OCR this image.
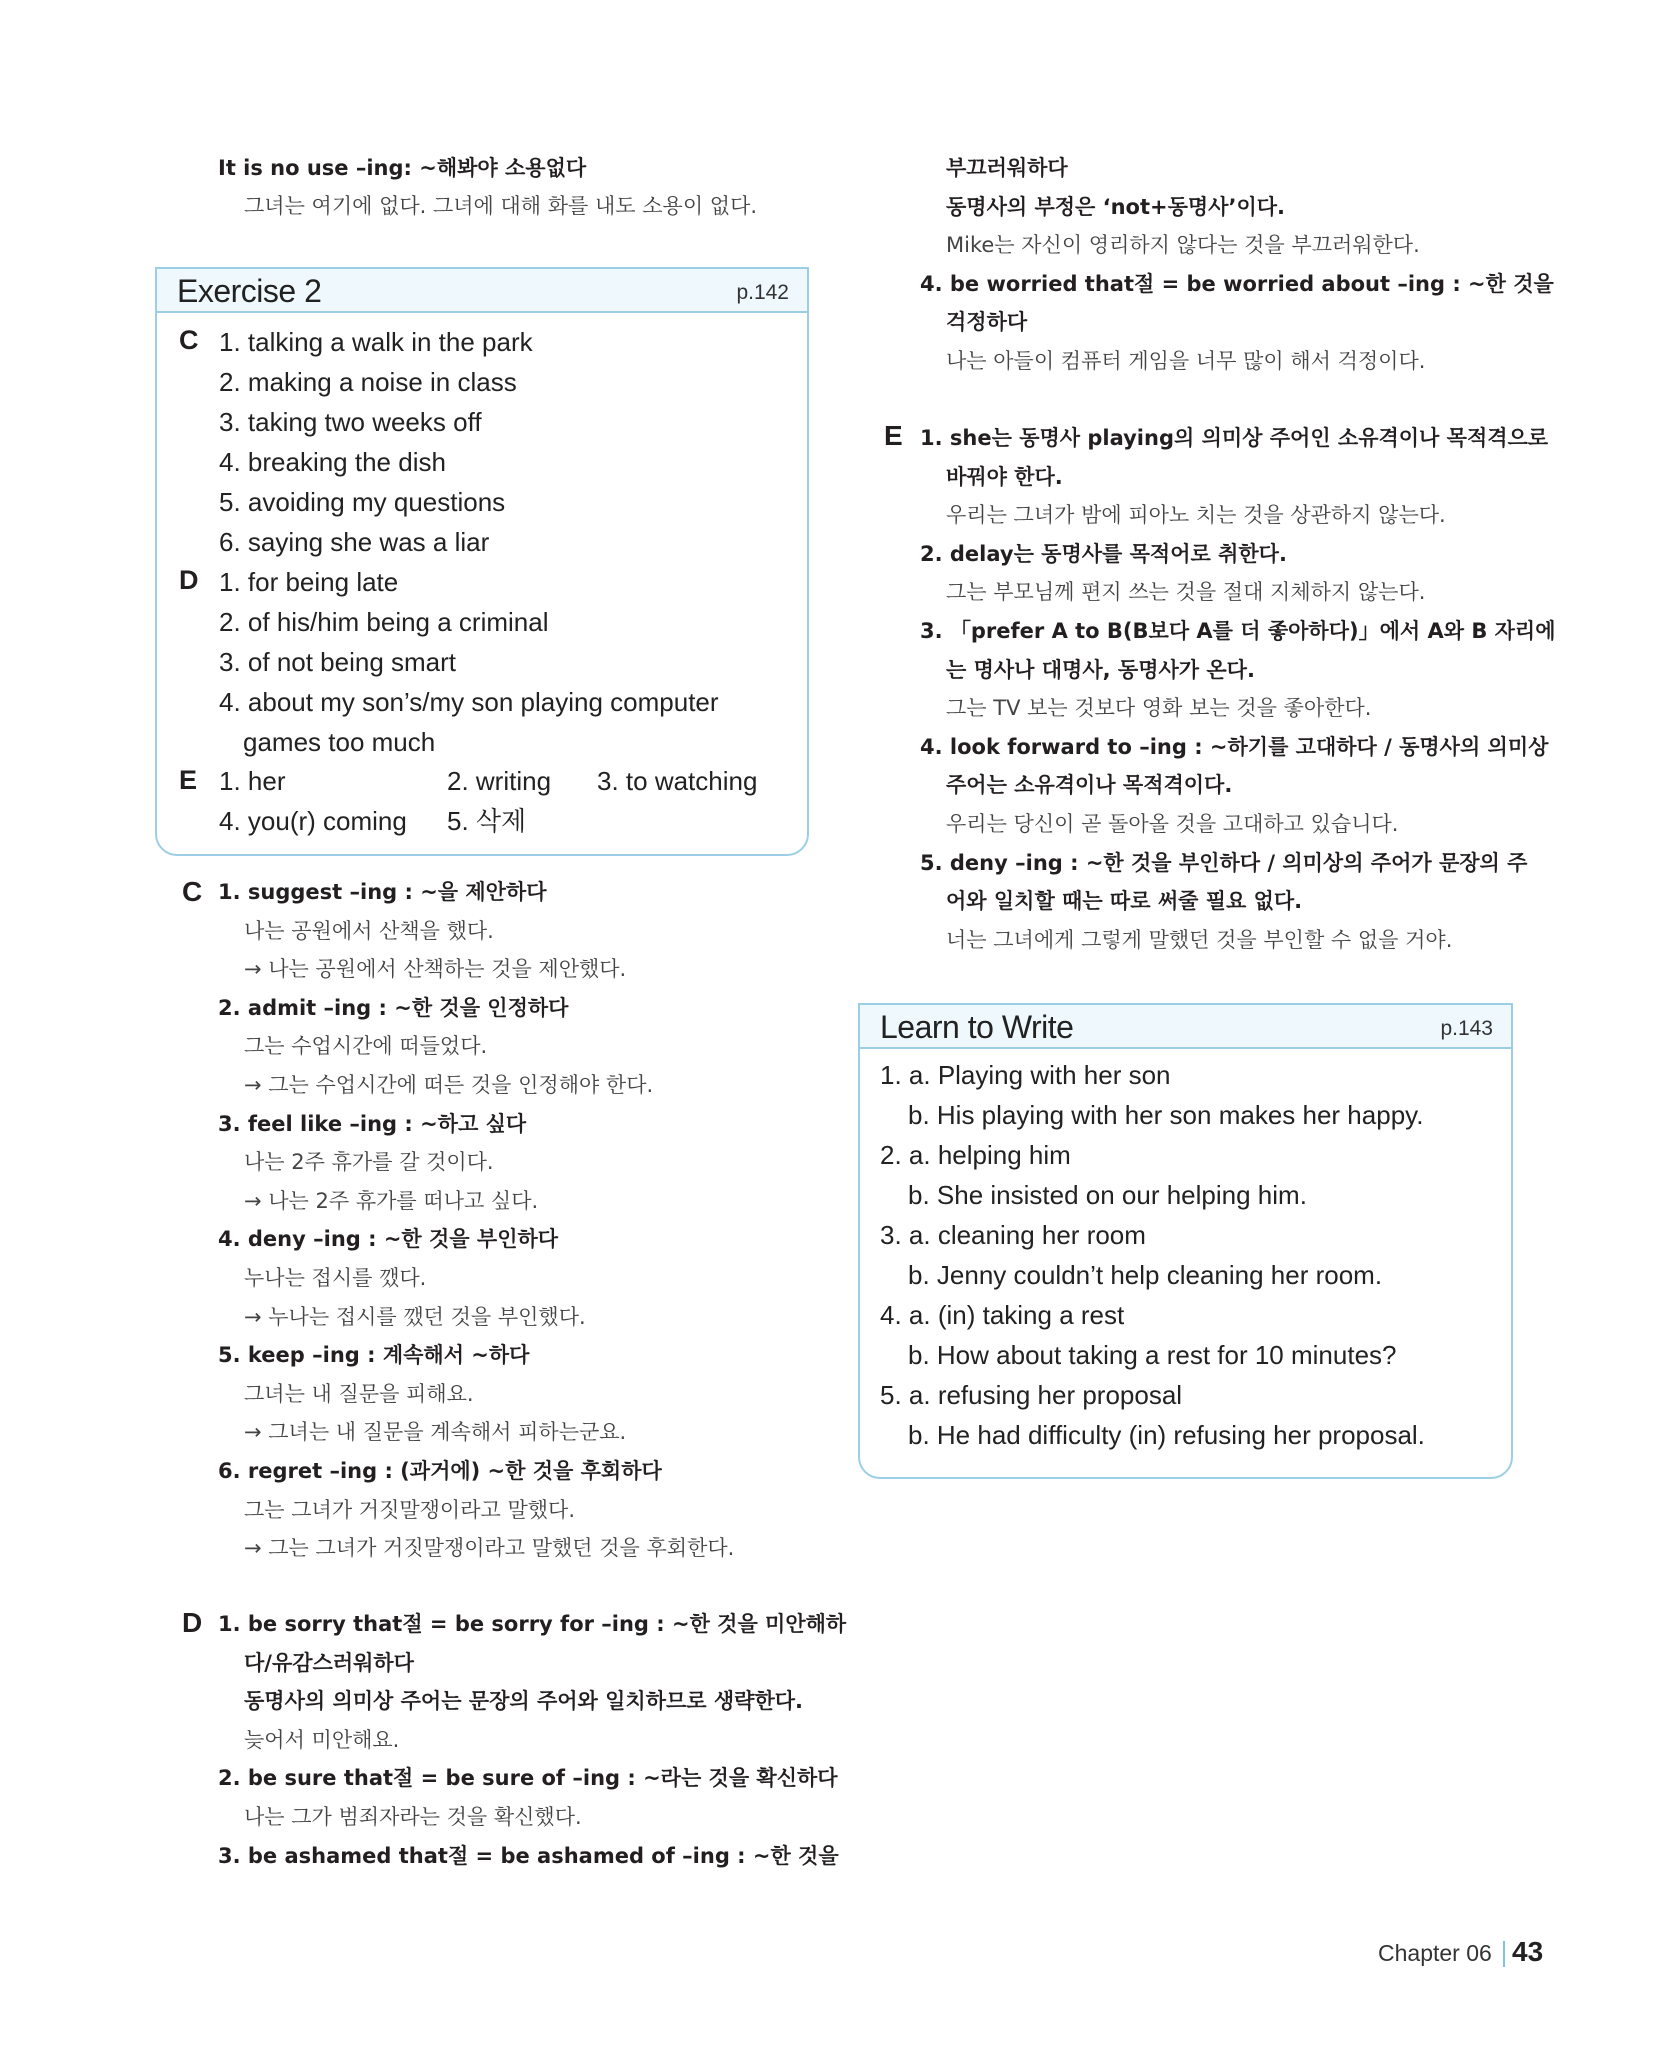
It is no use –ing: ~해봐야 소용없다
그녀는 여기에 없다. 그녀에 대해 화를 내도 소용이 없다.
Exercise 2	p.142
C 1. talking a walk in the park
2. making a noise in class
3. taking two weeks off
4. breaking the dish
5. avoiding my questions
6. saying she was a liar
D 1. for being late
2. of his/him being a criminal
3. of not being smart
4. about my son’s/my son playing computer
games too much
E 1. her	2. writing 3. to watching
4. you(r) coming 5. 삭제
C 1. suggest –ing : ~을 제안하다
나는 공원에서 산책을 했다.
→ 나는 공원에서 산책하는 것을 제안했다.
2. admit –ing : ~한 것을 인정하다
그는 수업시간에 떠들었다.
→ 그는 수업시간에 떠든 것을 인정해야 한다.
3. feel like –ing : ~하고 싶다
나는 2주 휴가를 갈 것이다.
→ 나는 2주 휴가를 떠나고 싶다.
4. deny –ing : ~한 것을 부인하다
누나는 접시를 깼다.
→ 누나는 접시를 깼던 것을 부인했다.
5. keep –ing : 계속해서 ~하다
그녀는 내 질문을 피해요.
→ 그녀는 내 질문을 계속해서 피하는군요.
6. regret –ing : (과거에) ~한 것을 후회하다
그는 그녀가 거짓말쟁이라고 말했다.
→ 그는 그녀가 거짓말쟁이라고 말했던 것을 후회한다.
D 1. be sorry that절 = be sorry for –ing : ~한 것을 미안해하
다/유감스러워하다
동명사의 의미상 주어는 문장의 주어와 일치하므로 생략한다.
늦어서 미안해요.
2. be sure that절 = be sure of –ing : ~라는 것을 확신하다
나는 그가 범죄자라는 것을 확신했다.
3. be ashamed that절 = be ashamed of –ing : ~한 것을
부끄러워하다
동명사의 부정은 ‘not+동명사’이다.
Mike는 자신이 영리하지 않다는 것을 부끄러워한다.
4. be worried that절 = be worried about –ing : ~한 것을
걱정하다
나는 아들이 컴퓨터 게임을 너무 많이 해서 걱정이다.
E 1. she는 동명사 playing의 의미상 주어인 소유격이나 목적격으로
바꿔야 한다.
우리는 그녀가 밤에 피아노 치는 것을 상관하지 않는다.
2. delay는 동명사를 목적어로 취한다.
그는 부모님께 편지 쓰는 것을 절대 지체하지 않는다.
3. 「prefer A to B(B보다 A를 더 좋아하다)」에서 A와 B 자리에
는 명사나 대명사, 동명사가 온다.
그는 TV 보는 것보다 영화 보는 것을 좋아한다.
4. look forward to –ing : ~하기를 고대하다 / 동명사의 의미상
주어는 소유격이나 목적격이다.
우리는 당신이 곧 돌아올 것을 고대하고 있습니다.
5. deny –ing : ~한 것을 부인하다 / 의미상의 주어가 문장의 주
어와 일치할 때는 따로 써줄 필요 없다.
너는 그녀에게 그렇게 말했던 것을 부인할 수 없을 거야.
Learn to Write	p.143
1. a. Playing with her son
b. His playing with her son makes her happy.
2. a. helping him
b. She insisted on our helping him.
3. a. cleaning her room
b. Jenny couldn’t help cleaning her room.
4. a. (in) taking a rest
b. How about taking a rest for 10 minutes?
5. a. refusing her proposal
b. He had difficulty (in) refusing her proposal.
Chapter 06 43
